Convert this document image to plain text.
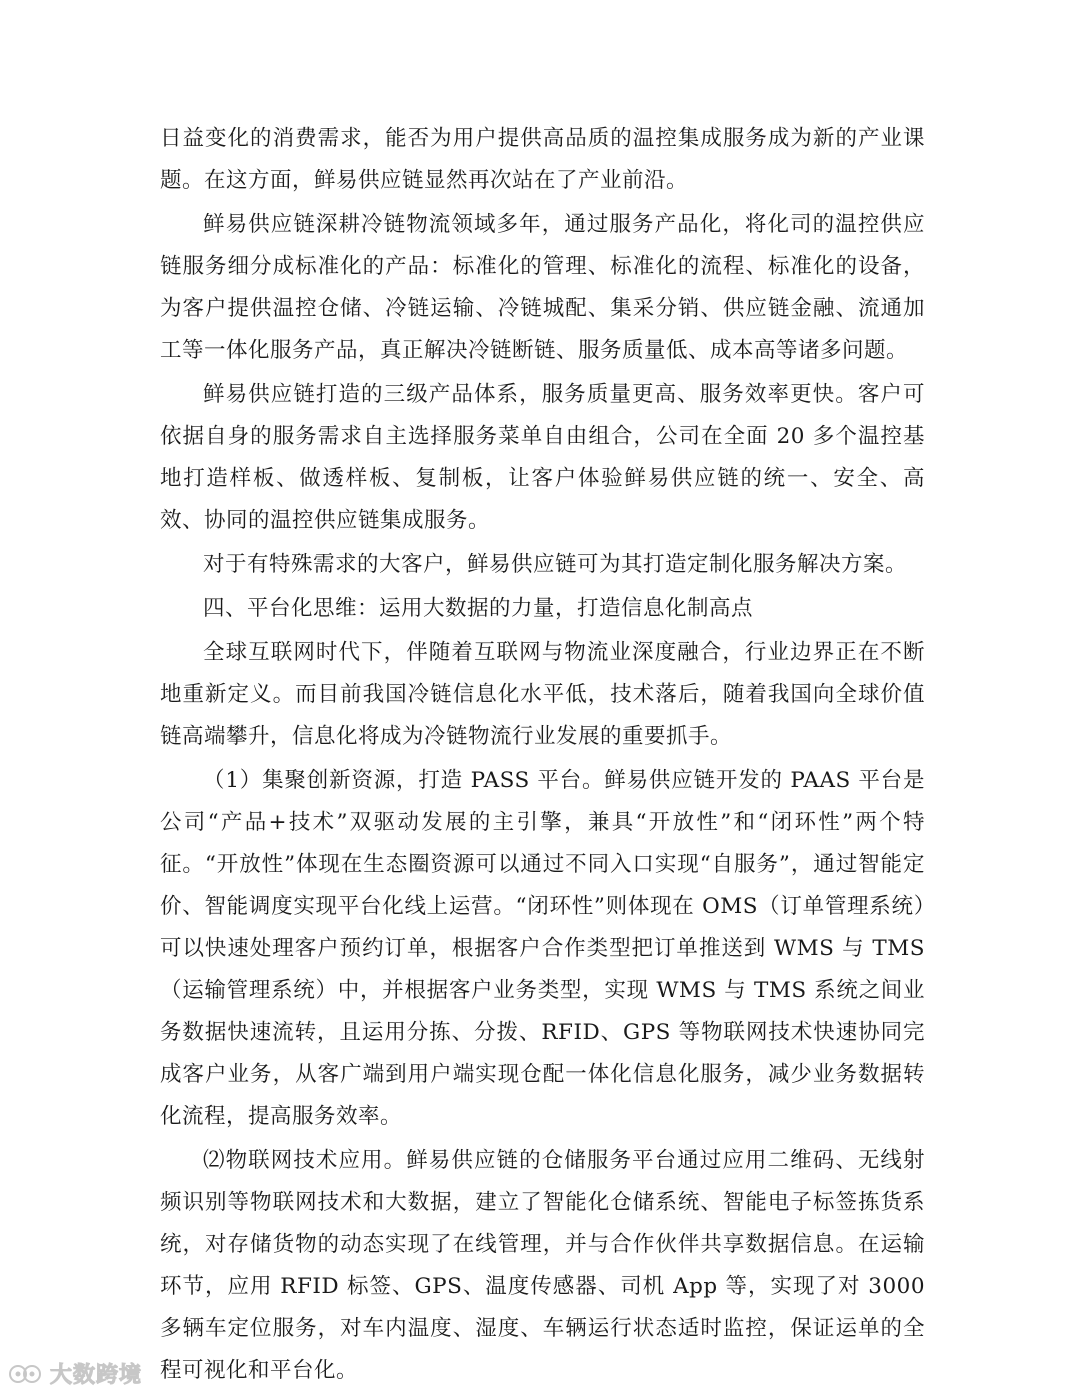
日益变化的消费需求，能否为用户提供高品质的温控集成服务成为新的产业课题。在这方面，鲜易供应链显然再次站在了产业前沿。

鲜易供应链深耕冷链物流领域多年，通过服务产品化，将化司的温控供应链服务细分成标准化的产品：标准化的管理、标准化的流程、标准化的设备，为客户提供温控仓储、冷链运输、冷链城配、集采分销、供应链金融、流通加工等一体化服务产品，真正解决冷链断链、服务质量低、成本高等诸多问题。

鲜易供应链打造的三级产品体系，服务质量更高、服务效率更快。客户可依据自身的服务需求自主选择服务菜单自由组合，公司在全面 20 多个温控基地打造样板、做透样板、复制板，让客户体验鲜易供应链的统一、安全、高效、协同的温控供应链集成服务。

对于有特殊需求的大客户，鲜易供应链可为其打造定制化服务解决方案。

四、平台化思维：运用大数据的力量，打造信息化制高点

全球互联网时代下，伴随着互联网与物流业深度融合，行业边界正在不断地重新定义。而目前我国冷链信息化水平低，技术落后，随着我国向全球价值链高端攀升，信息化将成为冷链物流行业发展的重要抓手。

（1）集聚创新资源，打造 PASS 平台。鲜易供应链开发的 PAAS 平台是公司“产品+技术”双驱动发展的主引擎，兼具“开放性”和“闭环性”两个特征。“开放性”体现在生态圈资源可以通过不同入口实现“自服务”，通过智能定价、智能调度实现平台化线上运营。“闭环性”则体现在 OMS（订单管理系统）可以快速处理客户预约订单，根据客户合作类型把订单推送到 WMS 与 TMS（运输管理系统）中，并根据客户业务类型，实现 WMS 与 TMS 系统之间业务数据快速流转，且运用分拣、分拨、RFID、GPS 等物联网技术快速协同完成客户业务，从客广端到用户端实现仓配一体化信息化服务，减少业务数据转化流程，提高服务效率。

⑵物联网技术应用。鲜易供应链的仓储服务平台通过应用二维码、无线射频识别等物联网技术和大数据，建立了智能化仓储系统、智能电子标签拣货系统，对存储货物的动态实现了在线管理，并与合作伙伴共享数据信息。在运输环节，应用 RFID 标签、GPS、温度传感器、司机 App 等，实现了对 3000 多辆车定位服务，对车内温度、湿度、车辆运行状态适时监控，保证运单的全程可视化和平台化。

大数跨境
